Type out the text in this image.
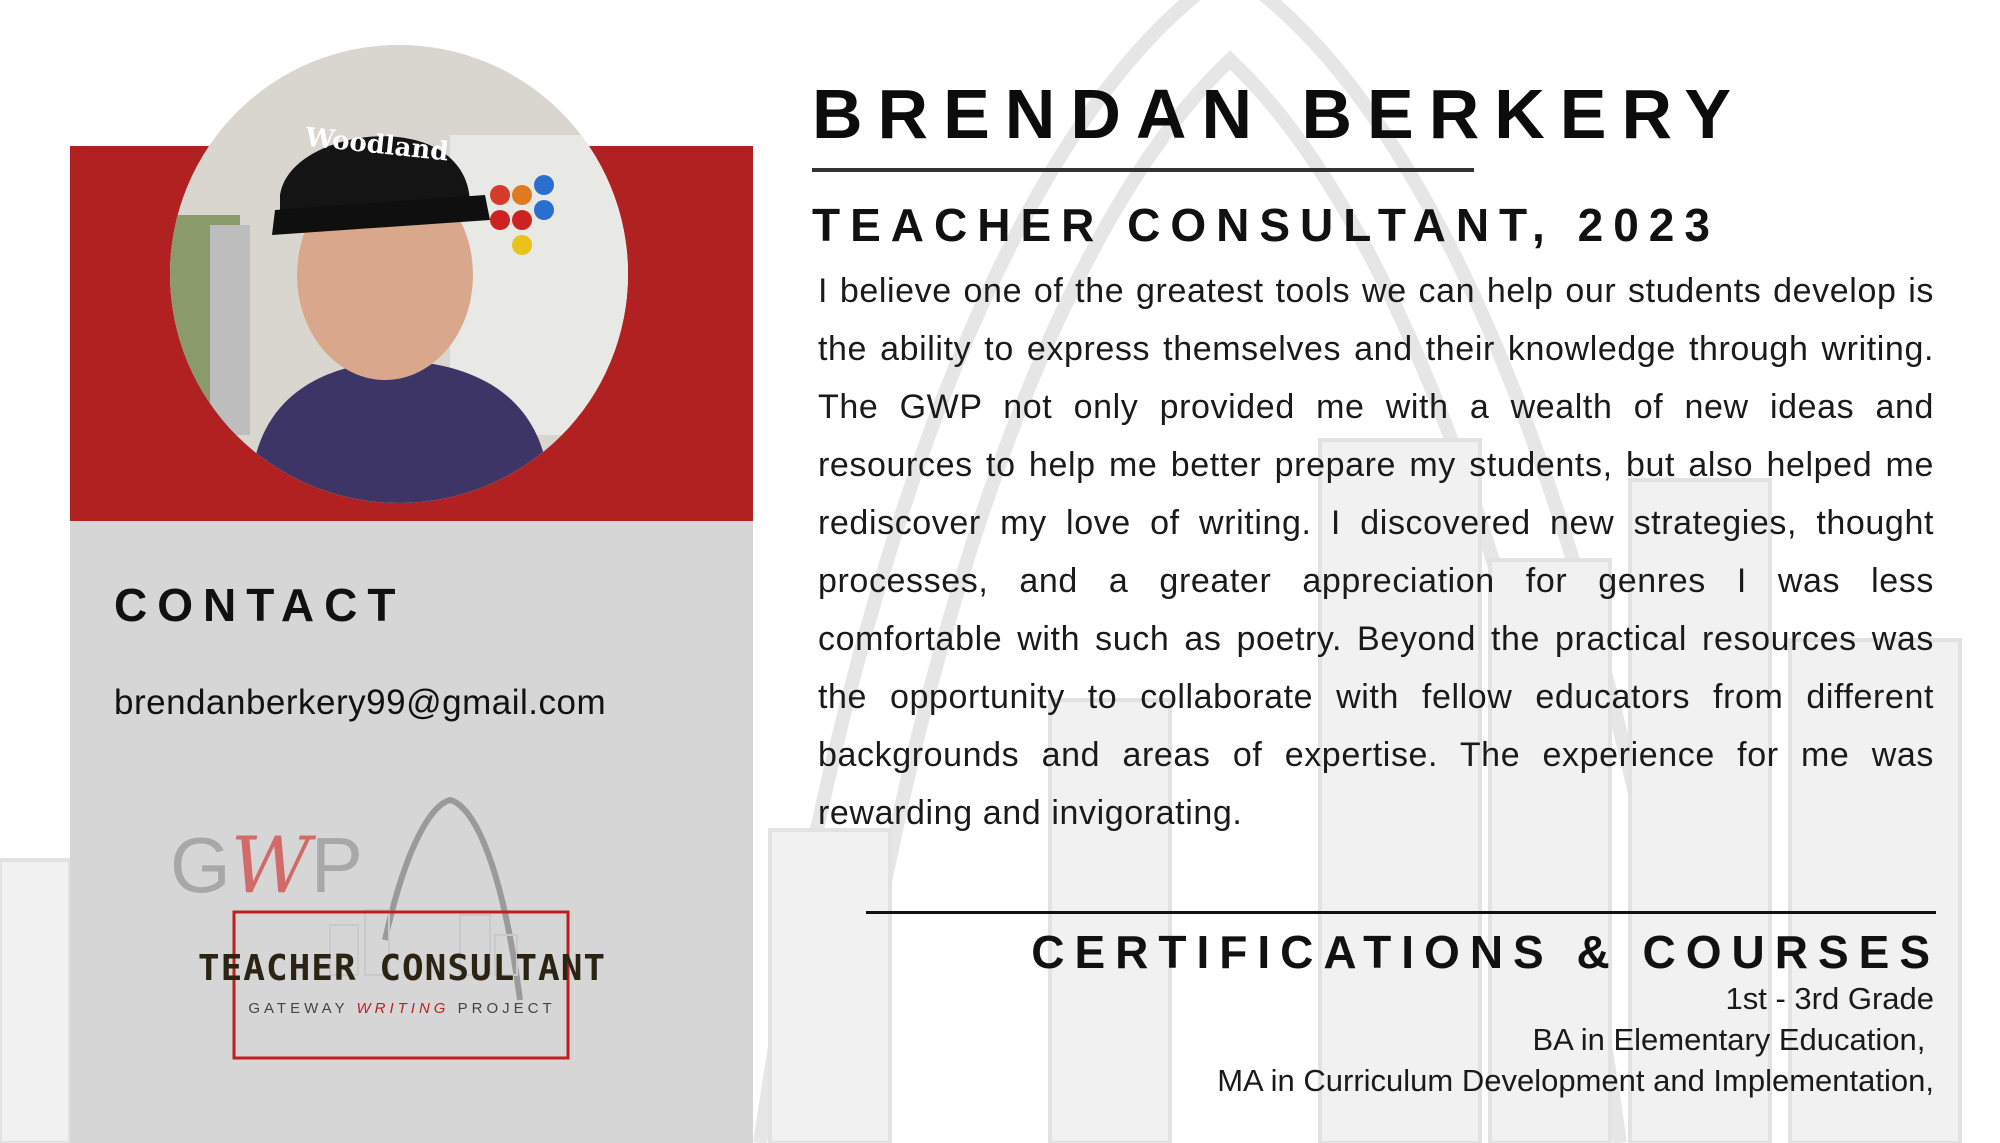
Woodland
CONTACT
brendanberkery99@gmail.com
GWP
TEACHER CONSULTANT
GATEWAY WRITING PROJECT
BRENDAN BERKERY
TEACHER CONSULTANT, 2023
I believe one of the greatest tools we can help our students develop is the ability to express themselves and their knowledge through writing. The GWP not only provided me with a wealth of new ideas and resources to help me better prepare my students, but also helped me rediscover my love of writing. I discovered new strategies, thought processes, and a greater appreciation for genres I was less comfortable with such as poetry. Beyond the practical resources was the opportunity to collaborate with fellow educators from different backgrounds and areas of expertise. The experience for me was rewarding and invigorating.
CERTIFICATIONS & COURSES
1st - 3rd Grade
BA in Elementary Education,
MA in Curriculum Development and Implementation,
